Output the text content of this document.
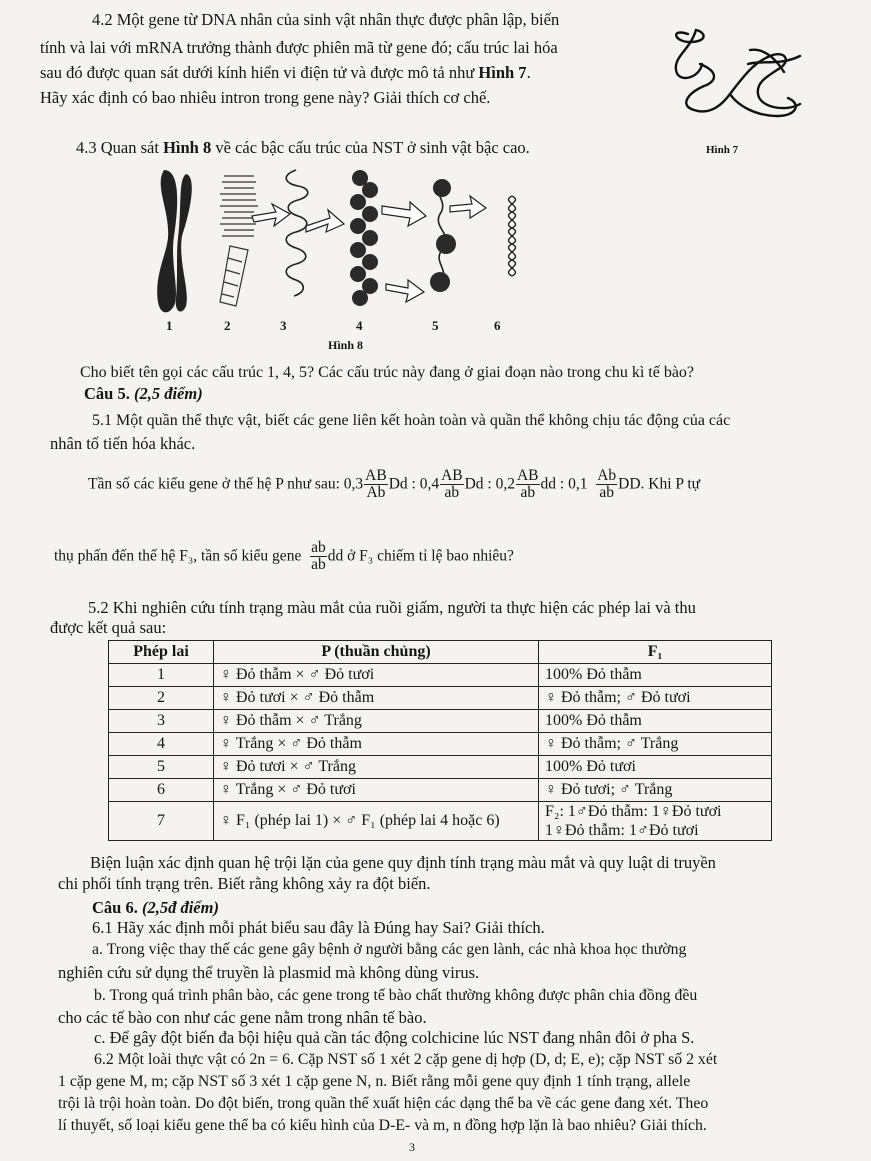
4.2 Một gene từ DNA nhân của sinh vật nhân thực được phân lập, biến
tính và lai với mRNA trưởng thành được phiên mã từ gene đó; cấu trúc lai hóa
sau đó được quan sát dưới kính hiển vi điện tử và được mô tả như Hình 7.
Hãy xác định có bao nhiêu intron trong gene này? Giải thích cơ chế.
Hình 7
4.3 Quan sát Hình 8 về các bậc cấu trúc của NST ở sinh vật bậc cao.
1	2	3	4	5	6
Hình 8
Cho biết tên gọi các cấu trúc 1, 4, 5? Các cấu trúc này đang ở giai đoạn nào trong chu kì tế bào?
Câu 5. (2,5 điểm)
5.1 Một quần thể thực vật, biết các gene liên kết hoàn toàn và quần thể không chịu tác động của các
nhân tố tiến hóa khác.
Tần số các kiểu gene ở thế hệ P như sau: $0,3 \frac{AB}{Ab}$ Dd : $0,4 \frac{AB}{ab}$ Dd : $0,2 \frac{AB}{ab}$ dd : $0,1 \frac{Ab}{ab}$ DD. Khi P tự
thụ phấn đến thế hệ F₃, tần số kiểu gene $\frac{ab}{ab}$ dd ở F₃ chiếm tỉ lệ bao nhiêu?
5.2 Khi nghiên cứu tính trạng màu mắt của ruồi giấm, người ta thực hiện các phép lai và thu
được kết quả sau:
Phép lai	P (thuần chủng)	F₁
1	♀ Đỏ thẫm × ♂ Đỏ tươi	100% Đỏ thẫm
2	♀ Đỏ tươi × ♂ Đỏ thẫm	♀ Đỏ thẫm; ♂ Đỏ tươi
3	♀ Đỏ thẫm × ♂ Trắng	100% Đỏ thẫm
4	♀ Trắng × ♂ Đỏ thẫm	♀ Đỏ thẫm; ♂ Trắng
5	♀ Đỏ tươi × ♂ Trắng	100% Đỏ tươi
6	♀ Trắng × ♂ Đỏ tươi	♀ Đỏ tươi; ♂ Trắng
7	♀ F₁ (phép lai 1) × ♂ F₁ (phép lai 4 hoặc 6)	F₂: 1♂Đỏ thẫm: 1♀Đỏ tươi
1♀Đỏ thẫm: 1♂Đỏ tươi
Biện luận xác định quan hệ trội lặn của gene quy định tính trạng màu mắt và quy luật di truyền
chi phối tính trạng trên. Biết rằng không xảy ra đột biến.
Câu 6. (2,5đ điểm)
6.1 Hãy xác định mỗi phát biểu sau đây là Đúng hay Sai? Giải thích.
a. Trong việc thay thế các gene gây bệnh ở người bằng các gen lành, các nhà khoa học thường
nghiên cứu sử dụng thể truyền là plasmid mà không dùng virus.
b. Trong quá trình phân bào, các gene trong tế bào chất thường không được phân chia đồng đều
cho các tế bào con như các gene nằm trong nhân tế bào.
c. Để gây đột biến đa bội hiệu quả cần tác động colchicine lúc NST đang nhân đôi ở pha S.
6.2 Một loài thực vật có 2n = 6. Cặp NST số 1 xét 2 cặp gene dị hợp (D, d; E, e); cặp NST số 2 xét
1 cặp gene M, m; cặp NST số 3 xét 1 cặp gene N, n. Biết rằng mỗi gene quy định 1 tính trạng, allele
trội là trội hoàn toàn. Do đột biến, trong quần thể xuất hiện các dạng thể ba về các gene đang xét. Theo
lí thuyết, số loại kiểu gene thể ba có kiểu hình của D-E- và m, n đồng hợp lặn là bao nhiêu? Giải thích.
3
